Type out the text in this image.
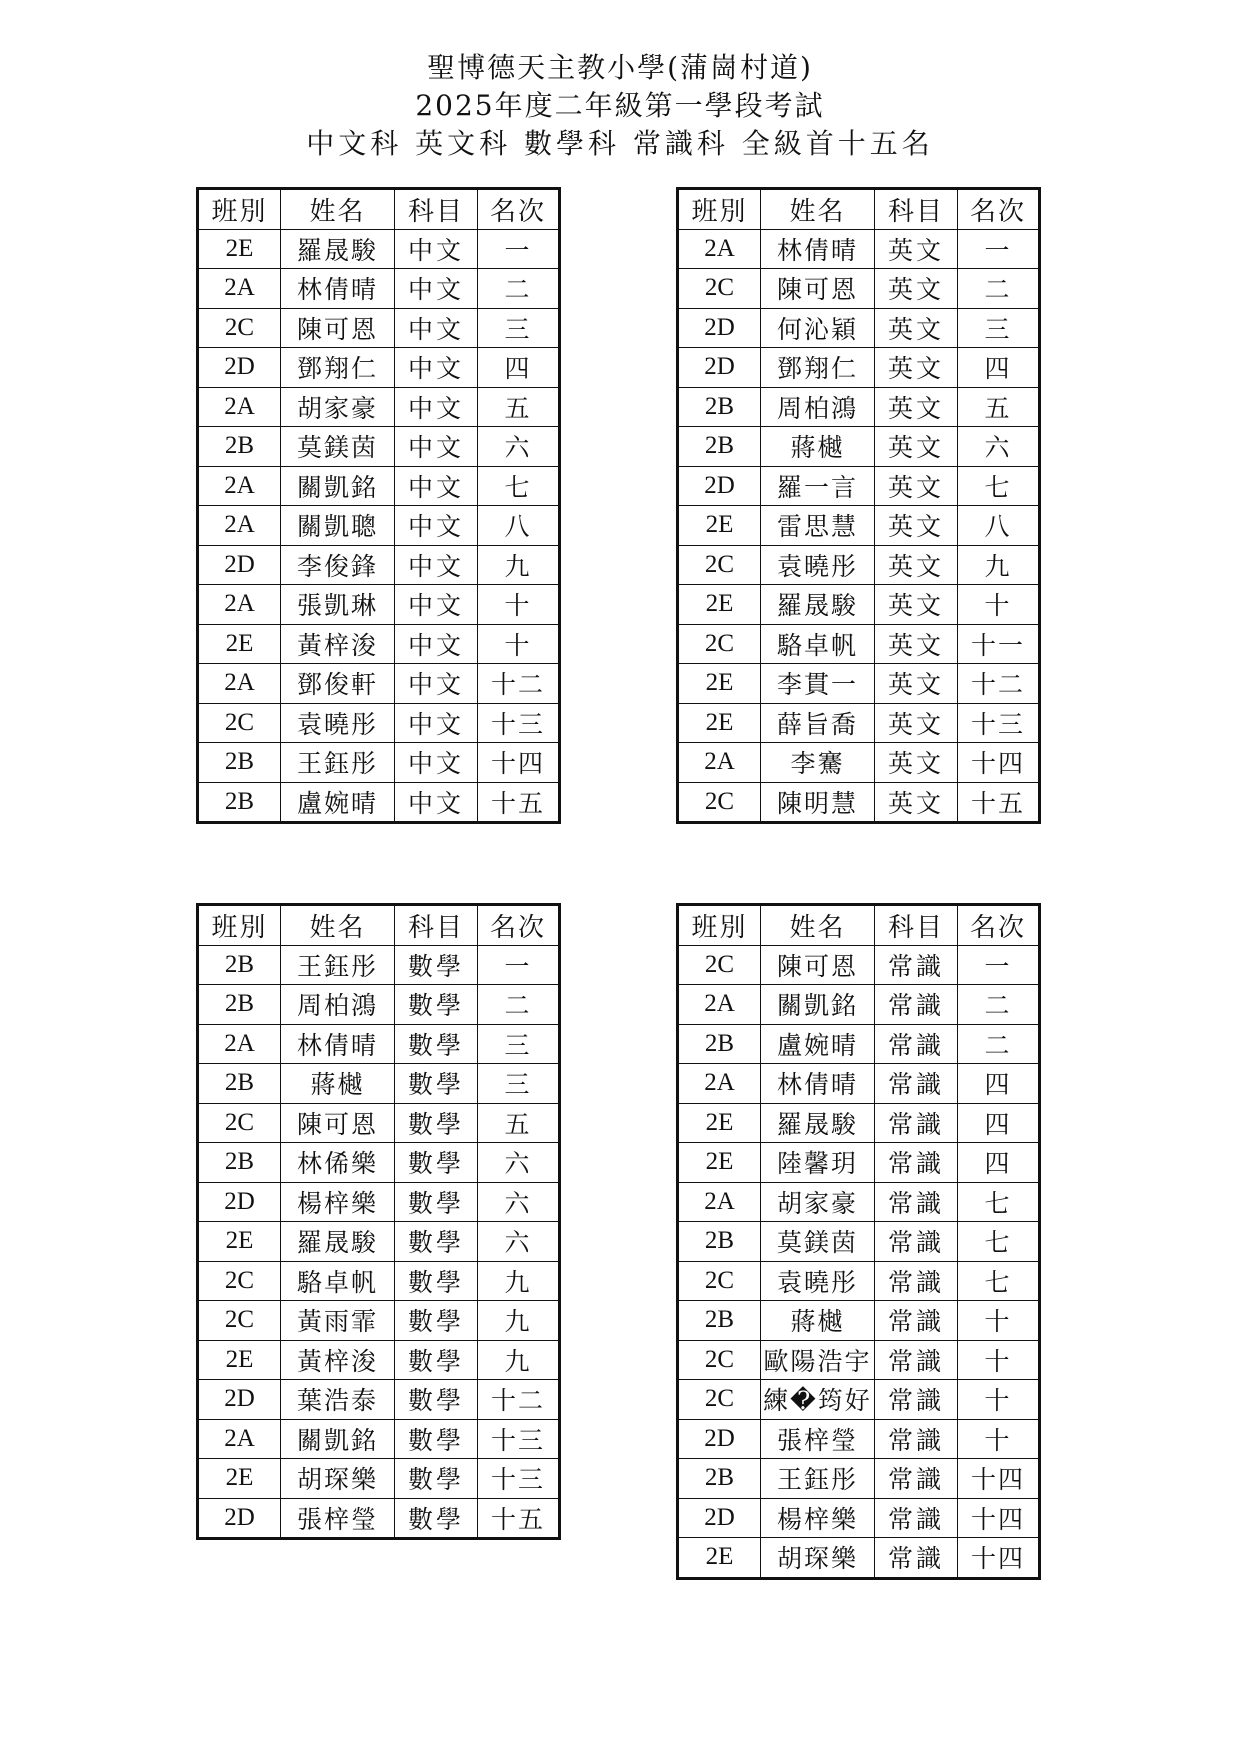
聖博德天主教小學(蒲崗村道)
2025年度二年級第一學段考試
中文科 英文科 數學科 常識科 全級首十五名
班別	姓名	科目	名次
2E	羅晟駿	中文	一
2A	林倩晴	中文	二
2C	陳可恩	中文	三
2D	鄧翔仁	中文	四
2A	胡家豪	中文	五
2B	莫鎂茵	中文	六
2A	關凱銘	中文	七
2A	關凱聰	中文	八
2D	李俊鋒	中文	九
2A	張凱琳	中文	十
2E	黃梓浚	中文	十
2A	鄧俊軒	中文	十二
2C	袁曉彤	中文	十三
2B	王鈺彤	中文	十四
2B	盧婉晴	中文	十五
班別	姓名	科目	名次
2A	林倩晴	英文	一
2C	陳可恩	英文	二
2D	何沁穎	英文	三
2D	鄧翔仁	英文	四
2B	周柏鴻	英文	五
2B	蔣樾	英文	六
2D	羅一言	英文	七
2E	雷思慧	英文	八
2C	袁曉彤	英文	九
2E	羅晟駿	英文	十
2C	駱卓帆	英文	十一
2E	李貫一	英文	十二
2E	薛旨喬	英文	十三
2A	李騫	英文	十四
2C	陳明慧	英文	十五
班別	姓名	科目	名次
2B	王鈺彤	數學	一
2B	周柏鴻	數學	二
2A	林倩晴	數學	三
2B	蔣樾	數學	三
2C	陳可恩	數學	五
2B	林俙樂	數學	六
2D	楊梓樂	數學	六
2E	羅晟駿	數學	六
2C	駱卓帆	數學	九
2C	黃雨霏	數學	九
2E	黃梓浚	數學	九
2D	葉浩泰	數學	十二
2A	關凱銘	數學	十三
2E	胡琛樂	數學	十三
2D	張梓瑩	數學	十五
班別	姓名	科目	名次
2C	陳可恩	常識	一
2A	關凱銘	常識	二
2B	盧婉晴	常識	二
2A	林倩晴	常識	四
2E	羅晟駿	常識	四
2E	陸馨玥	常識	四
2A	胡家豪	常識	七
2B	莫鎂茵	常識	七
2C	袁曉彤	常識	七
2B	蔣樾	常識	十
2C	歐陽浩宇	常識	十
2C	練�筠好	常識	十
2D	張梓瑩	常識	十
2B	王鈺彤	常識	十四
2D	楊梓樂	常識	十四
2E	胡琛樂	常識	十四
